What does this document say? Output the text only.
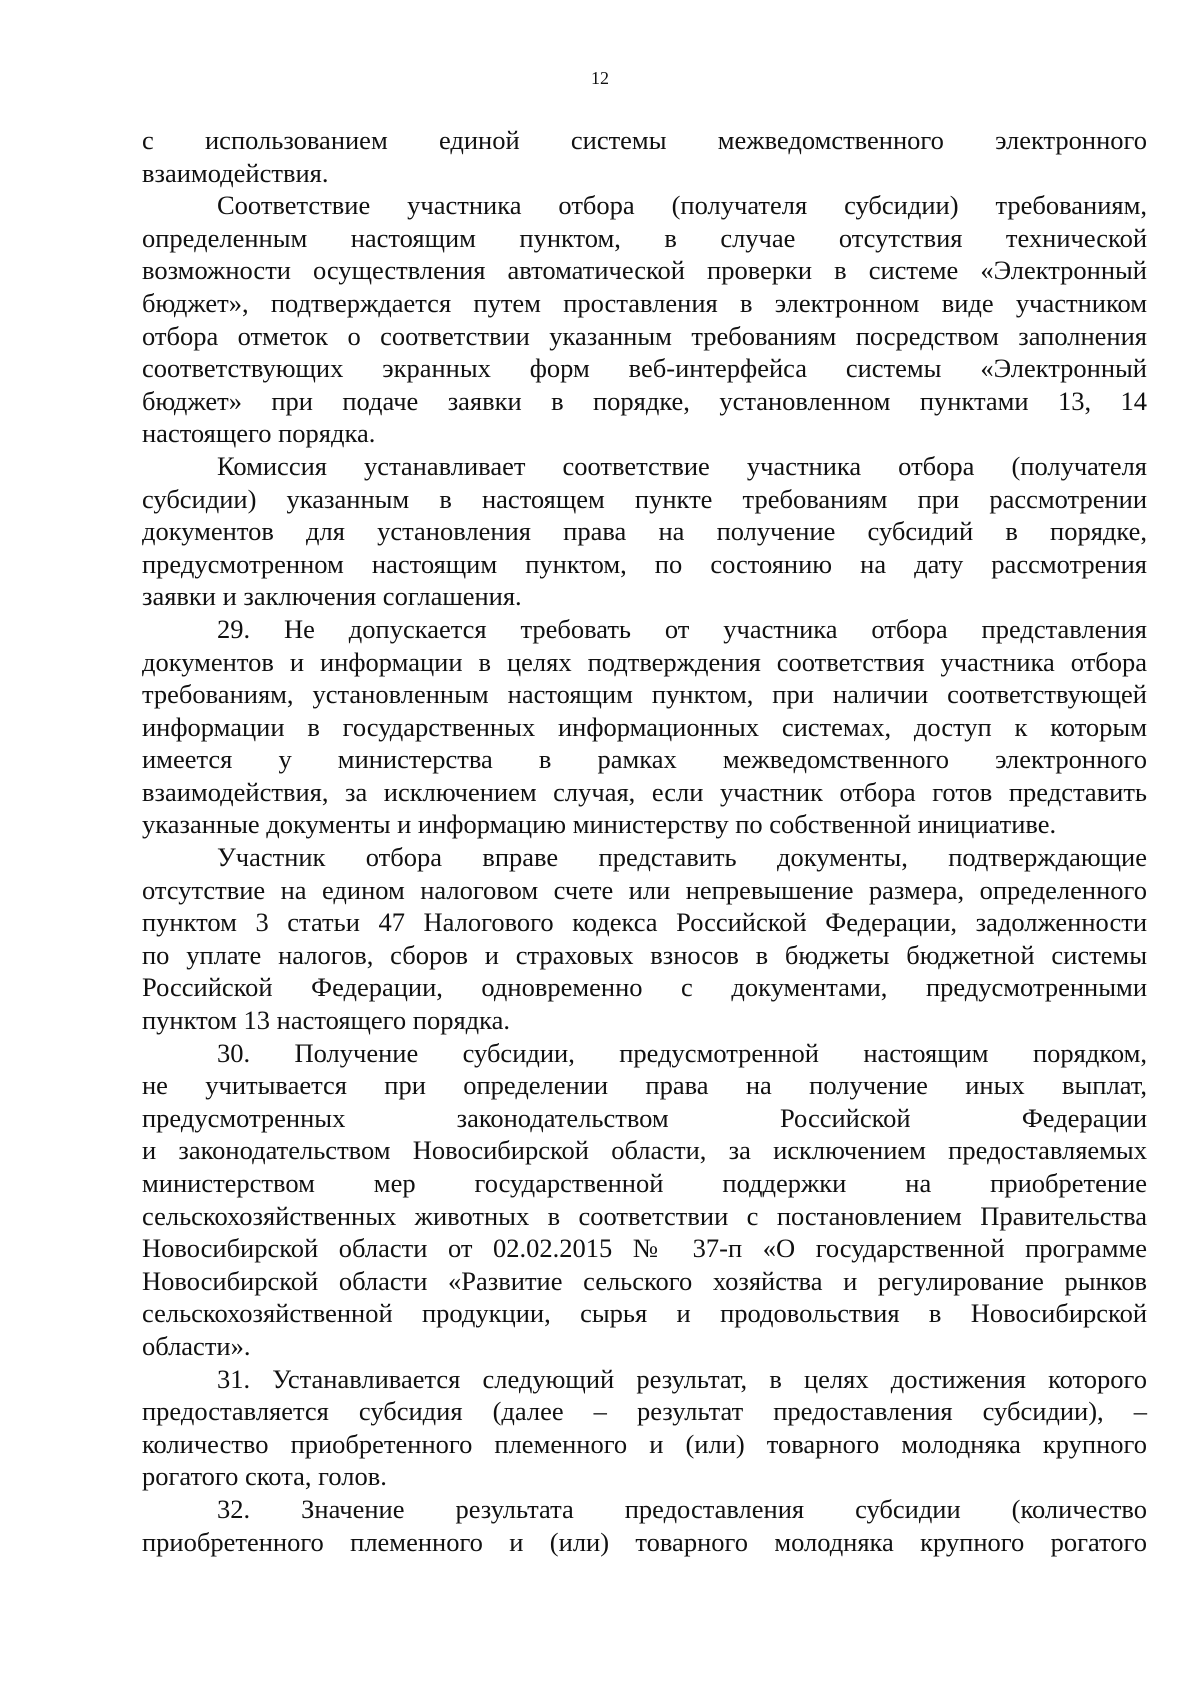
12
с использованием единой системы межведомственного электронного
взаимодействия.
Соответствие участника отбора (получателя субсидии) требованиям,
определенным настоящим пунктом, в случае отсутствия технической
возможности осуществления автоматической проверки в системе «Электронный
бюджет», подтверждается путем проставления в электронном виде участником
отбора отметок о соответствии указанным требованиям посредством заполнения
соответствующих экранных форм веб-интерфейса системы «Электронный
бюджет» при подаче заявки в порядке, установленном пунктами 13, 14
настоящего порядка.
Комиссия устанавливает соответствие участника отбора (получателя
субсидии) указанным в настоящем пункте требованиям при рассмотрении
документов для установления права на получение субсидий в порядке,
предусмотренном настоящим пунктом, по состоянию на дату рассмотрения
заявки и заключения соглашения.
29. Не допускается требовать от участника отбора представления
документов и информации в целях подтверждения соответствия участника отбора
требованиям, установленным настоящим пунктом, при наличии соответствующей
информации в государственных информационных системах, доступ к которым
имеется у министерства в рамках межведомственного электронного
взаимодействия, за исключением случая, если участник отбора готов представить
указанные документы и информацию министерству по собственной инициативе.
Участник отбора вправе представить документы, подтверждающие
отсутствие на едином налоговом счете или непревышение размера, определенного
пунктом 3 статьи 47 Налогового кодекса Российской Федерации, задолженности
по уплате налогов, сборов и страховых взносов в бюджеты бюджетной системы
Российской Федерации, одновременно с документами, предусмотренными
пунктом 13 настоящего порядка.
30. Получение субсидии, предусмотренной настоящим порядком,
не учитывается при определении права на получение иных выплат,
предусмотренных законодательством Российской Федерации
и законодательством Новосибирской области, за исключением предоставляемых
министерством мер государственной поддержки на приобретение
сельскохозяйственных животных в соответствии с постановлением Правительства
Новосибирской области от 02.02.2015 № 37-п «О государственной программе
Новосибирской области «Развитие сельского хозяйства и регулирование рынков
сельскохозяйственной продукции, сырья и продовольствия в Новосибирской
области».
31. Устанавливается следующий результат, в целях достижения которого
предоставляется субсидия (далее – результат предоставления субсидии), –
количество приобретенного племенного и (или) товарного молодняка крупного
рогатого скота, голов.
32. Значение результата предоставления субсидии (количество
приобретенного племенного и (или) товарного молодняка крупного рогатого
